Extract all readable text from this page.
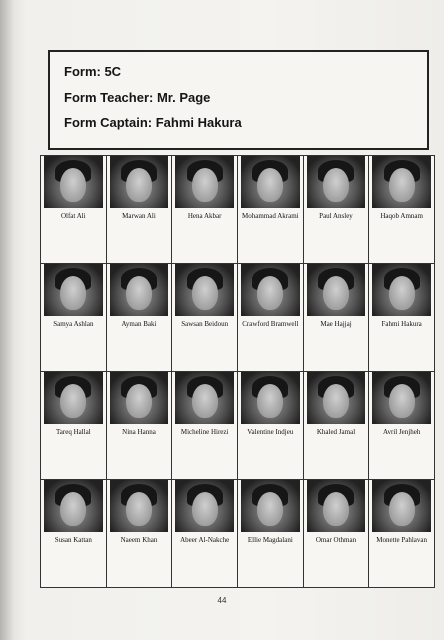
Form: 5C
Form Teacher: Mr. Page
Form Captain: Fahmi Hakura
Olfat Ali	Marwan Ali	Hena Akbar	Mohammad Akrami	Paul Ansley	Haqob Amnam
Samya Ashlan	Ayman Baki	Sawsan Beidoun	Crawford Bramwell	Mae Hajjaj	Fahmi Hakura
Tareq Hallal	Nina Hanna	Micheline Hirezi	Valentine Indjeu	Khaled Jamal	Avril Jenjheh
Susan Kattan	Naeem Khan	Abeer Al-Nakche	Ellie Magdalani	Omar Othman	Monette Pahlavan
44
